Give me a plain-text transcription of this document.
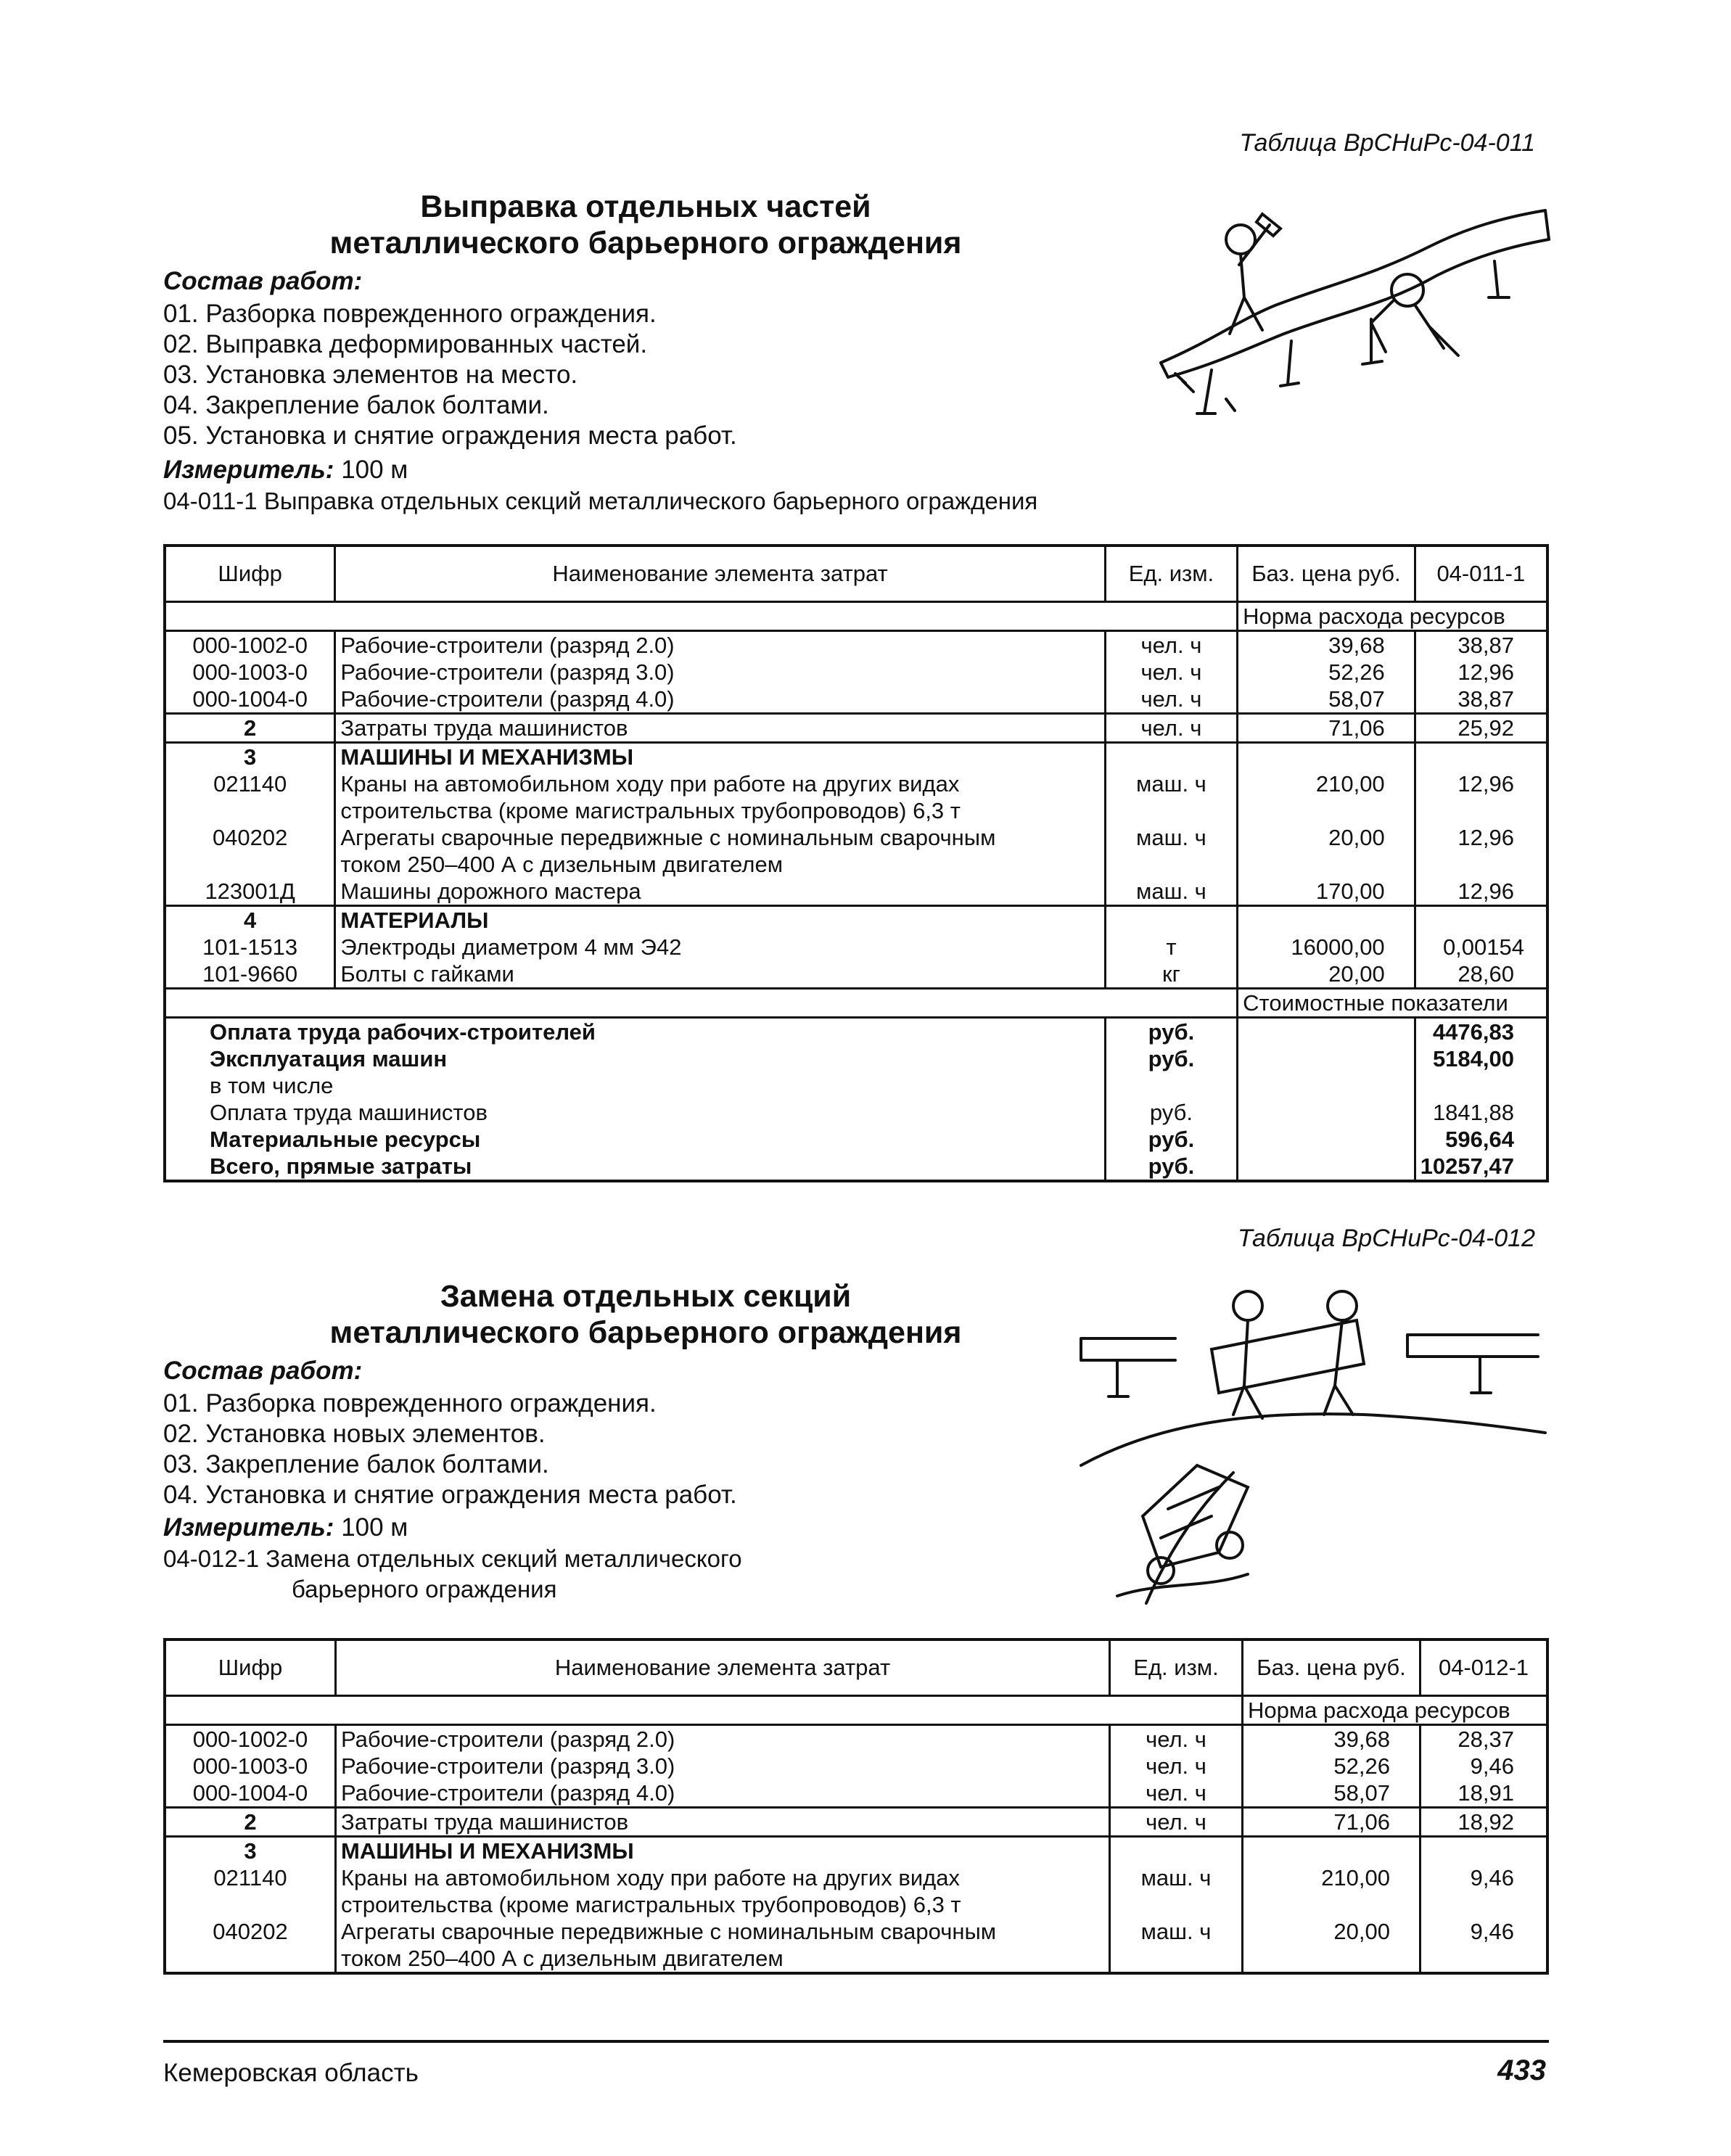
Таблица ВрСНиРс-04-011
Выправка отдельных частей
металлического барьерного ограждения
Состав работ:
01. Разборка поврежденного ограждения.
02. Выправка деформированных частей.
03. Установка элементов на место.
04. Закрепление балок болтами.
05. Установка и снятие ограждения места работ.
Измеритель: 100 м
04-011-1 Выправка отдельных секций металлического барьерного ограждения
Шифр	Наименование элемента затрат	Ед. изм.	Баз. цена руб.	04-011-1
			Норма расхода ресурсов	
000-1002-0	Рабочие-строители (разряд 2.0)	чел. ч	39,68	38,87
000-1003-0	Рабочие-строители (разряд 3.0)	чел. ч	52,26	12,96
000-1004-0	Рабочие-строители (разряд 4.0)	чел. ч	58,07	38,87
2	Затраты труда машинистов	чел. ч	71,06	25,92
3	МАШИНЫ И МЕХАНИЗМЫ			
021140	Краны на автомобильном ходу при работе на других видах
строительства (кроме магистральных трубопроводов) 6,3 т	маш. ч	210,00	12,96
040202	Агрегаты сварочные передвижные с номинальным сварочным
током 250–400 А с дизельным двигателем	маш. ч	20,00	12,96
123001Д	Машины дорожного мастера	маш. ч	170,00	12,96
4	МАТЕРИАЛЫ			
101-1513	Электроды диаметром 4 мм Э42	т	16000,00	0,00154
101-9660	Болты с гайками	кг	20,00	28,60
			Стоимостные показатели	
Оплата труда рабочих-строителей		руб.		4476,83
Эксплуатация машин		руб.		5184,00
в том числе				
Оплата труда машинистов		руб.		1841,88
Материальные ресурсы		руб.		596,64
Всего, прямые затраты		руб.		10257,47
Таблица ВрСНиРс-04-012
Замена отдельных секций
металлического барьерного ограждения
Состав работ:
01. Разборка поврежденного ограждения.
02. Установка новых элементов.
03. Закрепление балок болтами.
04. Установка и снятие ограждения места работ.
Измеритель: 100 м
04-012-1 Замена отдельных секций металлического
барьерного ограждения
Шифр	Наименование элемента затрат	Ед. изм.	Баз. цена руб.	04-012-1
			Норма расхода ресурсов	
000-1002-0	Рабочие-строители (разряд 2.0)	чел. ч	39,68	28,37
000-1003-0	Рабочие-строители (разряд 3.0)	чел. ч	52,26	9,46
000-1004-0	Рабочие-строители (разряд 4.0)	чел. ч	58,07	18,91
2	Затраты труда машинистов	чел. ч	71,06	18,92
3	МАШИНЫ И МЕХАНИЗМЫ			
021140	Краны на автомобильном ходу при работе на других видах
строительства (кроме магистральных трубопроводов) 6,3 т	маш. ч	210,00	9,46
040202	Агрегаты сварочные передвижные с номинальным сварочным
током 250–400 А с дизельным двигателем	маш. ч	20,00	9,46
Кемеровская область	433
